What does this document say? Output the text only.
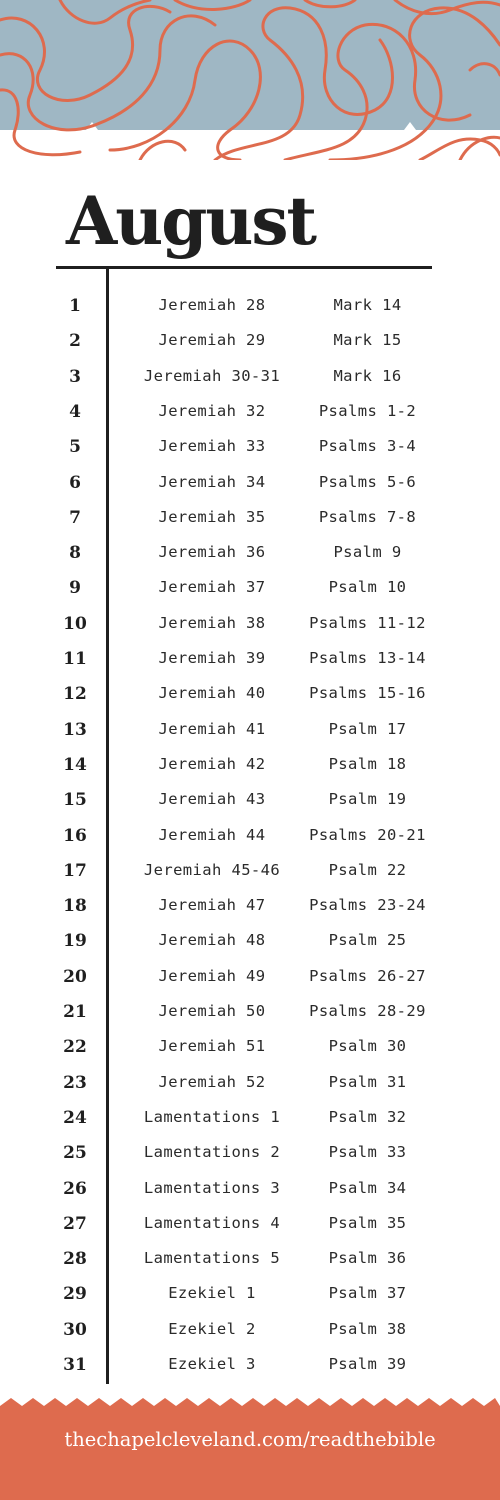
August
1	Jeremiah 28	Mark 14
2	Jeremiah 29	Mark 15
3	Jeremiah 30-31	Mark 16
4	Jeremiah 32	Psalms 1-2
5	Jeremiah 33	Psalms 3-4
6	Jeremiah 34	Psalms 5-6
7	Jeremiah 35	Psalms 7-8
8	Jeremiah 36	Psalm 9
9	Jeremiah 37	Psalm 10
10	Jeremiah 38	Psalms 11-12
11	Jeremiah 39	Psalms 13-14
12	Jeremiah 40	Psalms 15-16
13	Jeremiah 41	Psalm 17
14	Jeremiah 42	Psalm 18
15	Jeremiah 43	Psalm 19
16	Jeremiah 44	Psalms 20-21
17	Jeremiah 45-46	Psalm 22
18	Jeremiah 47	Psalms 23-24
19	Jeremiah 48	Psalm 25
20	Jeremiah 49	Psalms 26-27
21	Jeremiah 50	Psalms 28-29
22	Jeremiah 51	Psalm 30
23	Jeremiah 52	Psalm 31
24	Lamentations 1	Psalm 32
25	Lamentations 2	Psalm 33
26	Lamentations 3	Psalm 34
27	Lamentations 4	Psalm 35
28	Lamentations 5	Psalm 36
29	Ezekiel 1	Psalm 37
30	Ezekiel 2	Psalm 38
31	Ezekiel 3	Psalm 39
thechapelcleveland.com/readthebible
